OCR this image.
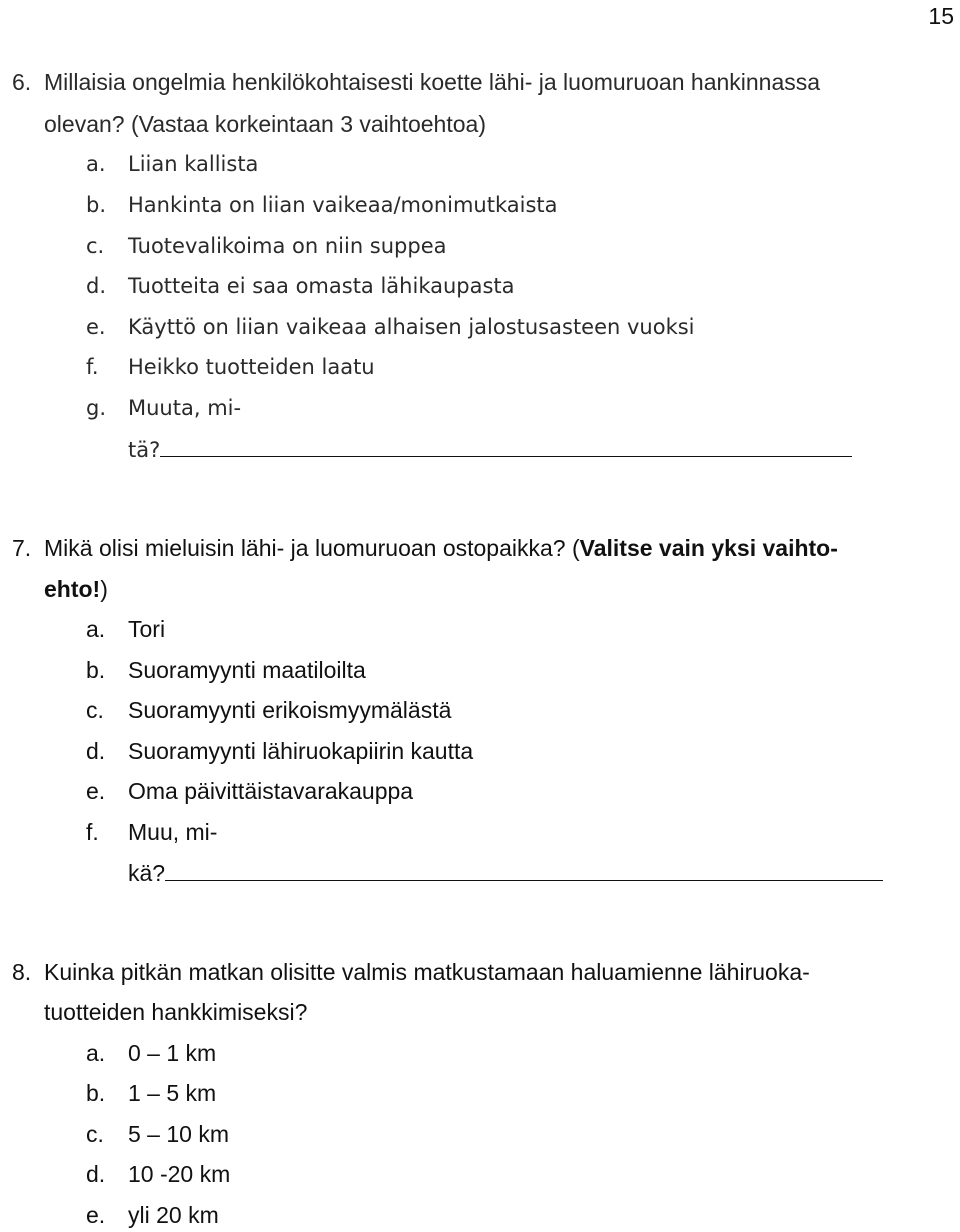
15
6. Millaisia ongelmia henkilökohtaisesti koette lähi- ja luomuruoan hankinnassa
olevan? (Vastaa korkeintaan 3 vaihtoehtoa)
a. Liian kallista
b. Hankinta on liian vaikeaa/monimutkaista
c. Tuotevalikoima on niin suppea
d. Tuotteita ei saa omasta lähikaupasta
e. Käyttö on liian vaikeaa alhaisen jalostusasteen vuoksi
f. Heikko tuotteiden laatu
g. Muuta, mi-
tä?
7. Mikä olisi mieluisin lähi- ja luomuruoan ostopaikka? (Valitse vain yksi vaihto-
ehto!)
a. Tori
b. Suoramyynti maatiloilta
c. Suoramyynti erikoismyymälästä
d. Suoramyynti lähiruokapiirin kautta
e. Oma päivittäistavarakauppa
f. Muu, mi-
kä?
8. Kuinka pitkän matkan olisitte valmis matkustamaan haluamienne lähiruoka-
tuotteiden hankkimiseksi?
a. 0 – 1 km
b. 1 – 5 km
c. 5 – 10 km
d. 10 -20 km
e. yli 20 km
